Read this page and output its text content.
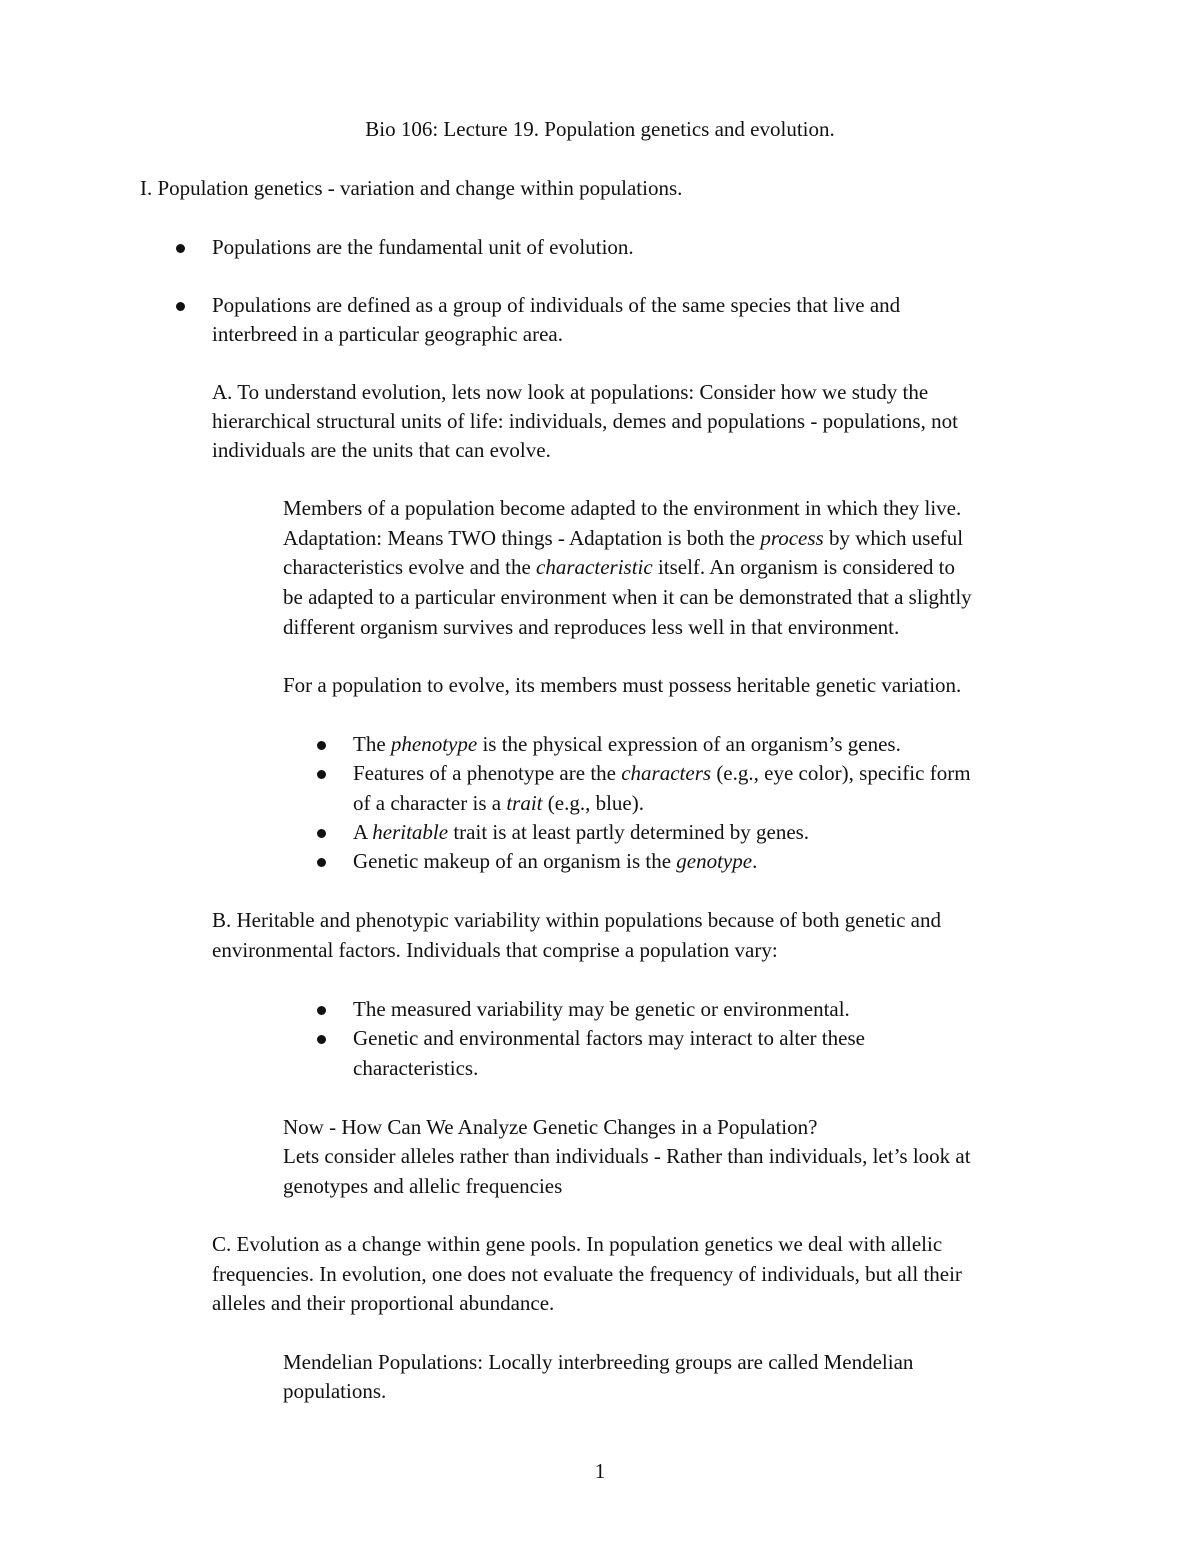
Bio 106: Lecture 19. Population genetics and evolution.

I. Population genetics - variation and change within populations.

Populations are the fundamental unit of evolution.

Populations are defined as a group of individuals of the same species that live and

interbreed in a particular geographic area.

A. To understand evolution, lets now look at populations: Consider how we study the

hierarchical structural units of life: individuals, demes and populations - populations, not

individuals are the units that can evolve.

Members of a population become adapted to the environment in which they live.

Adaptation: Means TWO things - Adaptation is both the process by which useful

characteristics evolve and the characteristic itself. An organism is considered to

be adapted to a particular environment when it can be demonstrated that a slightly

different organism survives and reproduces less well in that environment.

For a population to evolve, its members must possess heritable genetic variation.

The phenotype is the physical expression of an organism’s genes.

Features of a phenotype are the characters (e.g., eye color), specific form

of a character is a trait (e.g., blue).

A heritable trait is at least partly determined by genes.

Genetic makeup of an organism is the genotype.

B. Heritable and phenotypic variability within populations because of both genetic and

environmental factors. Individuals that comprise a population vary:

The measured variability may be genetic or environmental.

Genetic and environmental factors may interact to alter these

characteristics.

Now - How Can We Analyze Genetic Changes in a Population?

Lets consider alleles rather than individuals - Rather than individuals, let’s look at

genotypes and allelic frequencies

C. Evolution as a change within gene pools. In population genetics we deal with allelic

frequencies. In evolution, one does not evaluate the frequency of individuals, but all their

alleles and their proportional abundance.

Mendelian Populations: Locally interbreeding groups are called Mendelian

populations.

1
